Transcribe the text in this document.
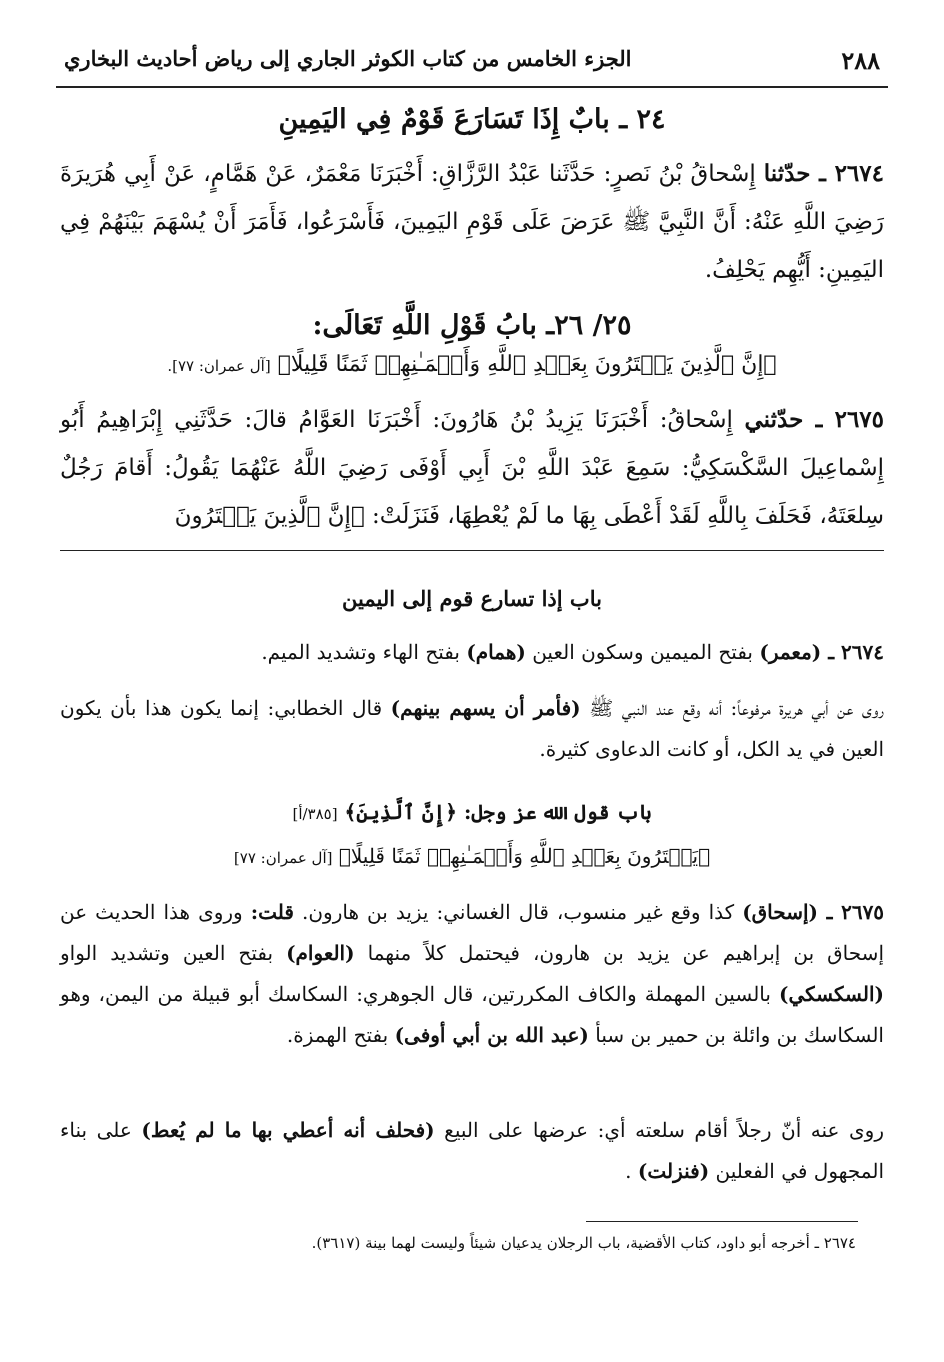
٢٨٨
الجزء الخامس من كتاب الكوثر الجاري إلى رياض أحاديث البخاري
٢٤ ـ بابٌ إِذَا تَسَارَعَ قَوْمٌ فِي اليَمِينِ
٢٦٧٤ ـ حدّثنا إِسْحاقُ بْنُ نَصرٍ: حَدَّثَنا عَبْدُ الرَّزَّاقِ: أَخْبَرَنَا مَعْمَرٌ، عَنْ هَمَّامٍ، عَنْ أَبِي هُرَيرَةَ رَضِيَ اللَّهِ عَنْهُ: أَنَّ النَّبِيَّ ﷺ عَرَضَ عَلَى قَوْمِ اليَمِينَ، فَأَسْرَعُوا، فَأَمَرَ أَنْ يُسْهَمَ بَيْنَهُمْ فِي اليَمِينِ: أَيُّهِم يَحْلِفُ.
٢٥/ ٢٦ـ بابُ قَوْلِ اللَّهِ تَعَالَى:
﴿إِنَّ ٱلَّذِينَ يَشۡتَرُونَ بِعَهۡدِ ٱللَّهِ وَأَيۡمَـٰنِهِمۡ ثَمَنًا قَلِيلًا﴾ [آل عمران: ٧٧].
٢٦٧٥ ـ حدّثني إِسْحاقُ: أَخْبَرَنَا يَزِيدُ بْنُ هَارُونَ: أَخْبَرَنَا العَوَّامُ قالَ: حَدَّثَنِي إِبْرَاهِيمُ أَبُو إِسْماعِيلَ السَّكْسَكِيُّ: سَمِعَ عَبْدَ اللَّهِ بْنَ أَبِي أَوْفَى رَضِيَ اللَّهُ عَنْهُمَا يَقُولُ: أَقامَ رَجُلٌ سِلعَتَهُ، فَحَلَفَ بِاللَّهِ لَقَدْ أَعْطَى بِهَا ما لَمْ يُعْطِهَا، فَنَزَلَتْ: ﴿إِنَّ ٱلَّذِينَ يَشۡتَرُونَ
باب إذا تسارع قوم إلى اليمين
٢٦٧٤ ـ (معمر) بفتح الميمين وسكون العين (همام) بفتح الهاء وتشديد الميم.
روى عن أبي هريرة مرفوعاً: أنه وقع عند النبي ﷺ (فأمر أن يسهم بينهم) قال الخطابي: إنما يكون هذا بأن يكون العين في يد الكل، أو كانت الدعاوى كثيرة.
باب قول الله عز وجل: ﴿إِنَّ ٱلَّذِينَ﴾ [٣٨٥/أ]
﴿يَشۡتَرُونَ بِعَهۡدِ ٱللَّهِ وَأَيۡمَـٰنِهِمۡ ثَمَنًا قَلِيلًا﴾ [آل عمران: ٧٧]
٢٦٧٥ ـ (إسحاق) كذا وقع غير منسوب، قال الغساني: يزيد بن هارون. قلت: وروى هذا الحديث عن إسحاق بن إبراهيم عن يزيد بن هارون، فيحتمل كلاً منهما (العوام) بفتح العين وتشديد الواو (السكسكي) بالسين المهملة والكاف المكررتين، قال الجوهري: السكاسك أبو قبيلة من اليمن، وهو السكاسك بن وائلة بن حمير بن سبأ (عبد الله بن أبي أوفى) بفتح الهمزة.
روى عنه أنّ رجلاً أقام سلعته أي: عرضها على البيع (فحلف أنه أعطي بها ما لم يُعط) على بناء المجهول في الفعلين (فنزلت) .
٢٦٧٤ ـ أخرجه أبو داود، كتاب الأقضية، باب الرجلان يدعيان شيئاً وليست لهما بينة (٣٦١٧).
